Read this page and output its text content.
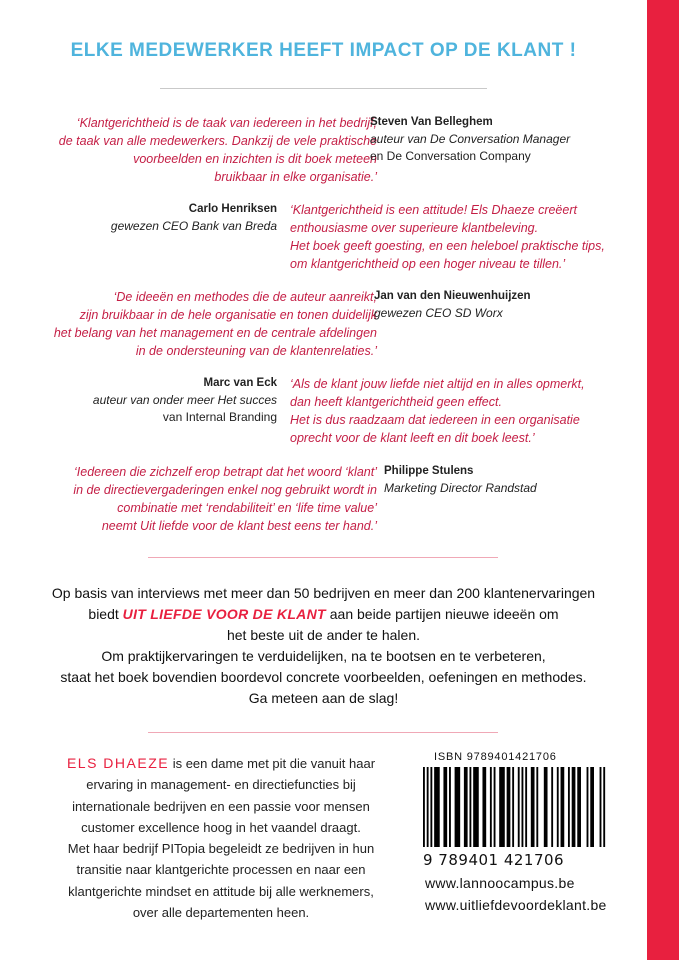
ELKE MEDEWERKER HEEFT IMPACT OP DE KLANT !
‘Klantgerichtheid is de taak van iedereen in het bedrijf,
de taak van alle medewerkers. Dankzij de vele praktische
voorbeelden en inzichten is dit boek meteen
bruikbaar in elke organisatie.’
Steven Van Belleghem
auteur van De Conversation Manager
en De Conversation Company
Carlo Henriksen
gewezen CEO Bank van Breda
‘Klantgerichtheid is een attitude! Els Dhaeze creëert
enthousiasme over superieure klantbeleving.
Het boek geeft goesting, en een heleboel praktische tips,
om klantgerichtheid op een hoger niveau te tillen.’
‘De ideeën en methodes die de auteur aanreikt,
zijn bruikbaar in de hele organisatie en tonen duidelijk
het belang van het management en de centrale afdelingen
in de ondersteuning van de klantenrelaties.’
Jan van den Nieuwenhuijzen
gewezen CEO SD Worx
Marc van Eck
auteur van onder meer Het succes
van Internal Branding
‘Als de klant jouw liefde niet altijd en in alles opmerkt,
dan heeft klantgerichtheid geen effect.
Het is dus raadzaam dat iedereen in een organisatie
oprecht voor de klant leeft en dit boek leest.’
‘Iedereen die zichzelf erop betrapt dat het woord ‘klant’
in de directievergaderingen enkel nog gebruikt wordt in
combinatie met ‘rendabiliteit’ en ‘life time value’
neemt Uit liefde voor de klant best eens ter hand.’
Philippe Stulens
Marketing Director Randstad
Op basis van interviews met meer dan 50 bedrijven en meer dan 200 klantenervaringen
biedt UIT LIEFDE VOOR DE KLANT aan beide partijen nieuwe ideeën om
het beste uit de ander te halen.
Om praktijkervaringen te verduidelijken, na te bootsen en te verbeteren,
staat het boek bovendien boordevol concrete voorbeelden, oefeningen en methodes.
Ga meteen aan de slag!
ELS DHAEZE is een dame met pit die vanuit haar
ervaring in management- en directiefuncties bij
internationale bedrijven en een passie voor mensen
customer excellence hoog in het vaandel draagt.
Met haar bedrijf PITopia begeleidt ze bedrijven in hun
transitie naar klantgerichte processen en naar een
klantgerichte mindset en attitude bij alle werknemers,
over alle departementen heen.
ISBN 9789401421706
9 789401 421706
www.lannoocampus.be
www.uitliefdevoordeklant.be
